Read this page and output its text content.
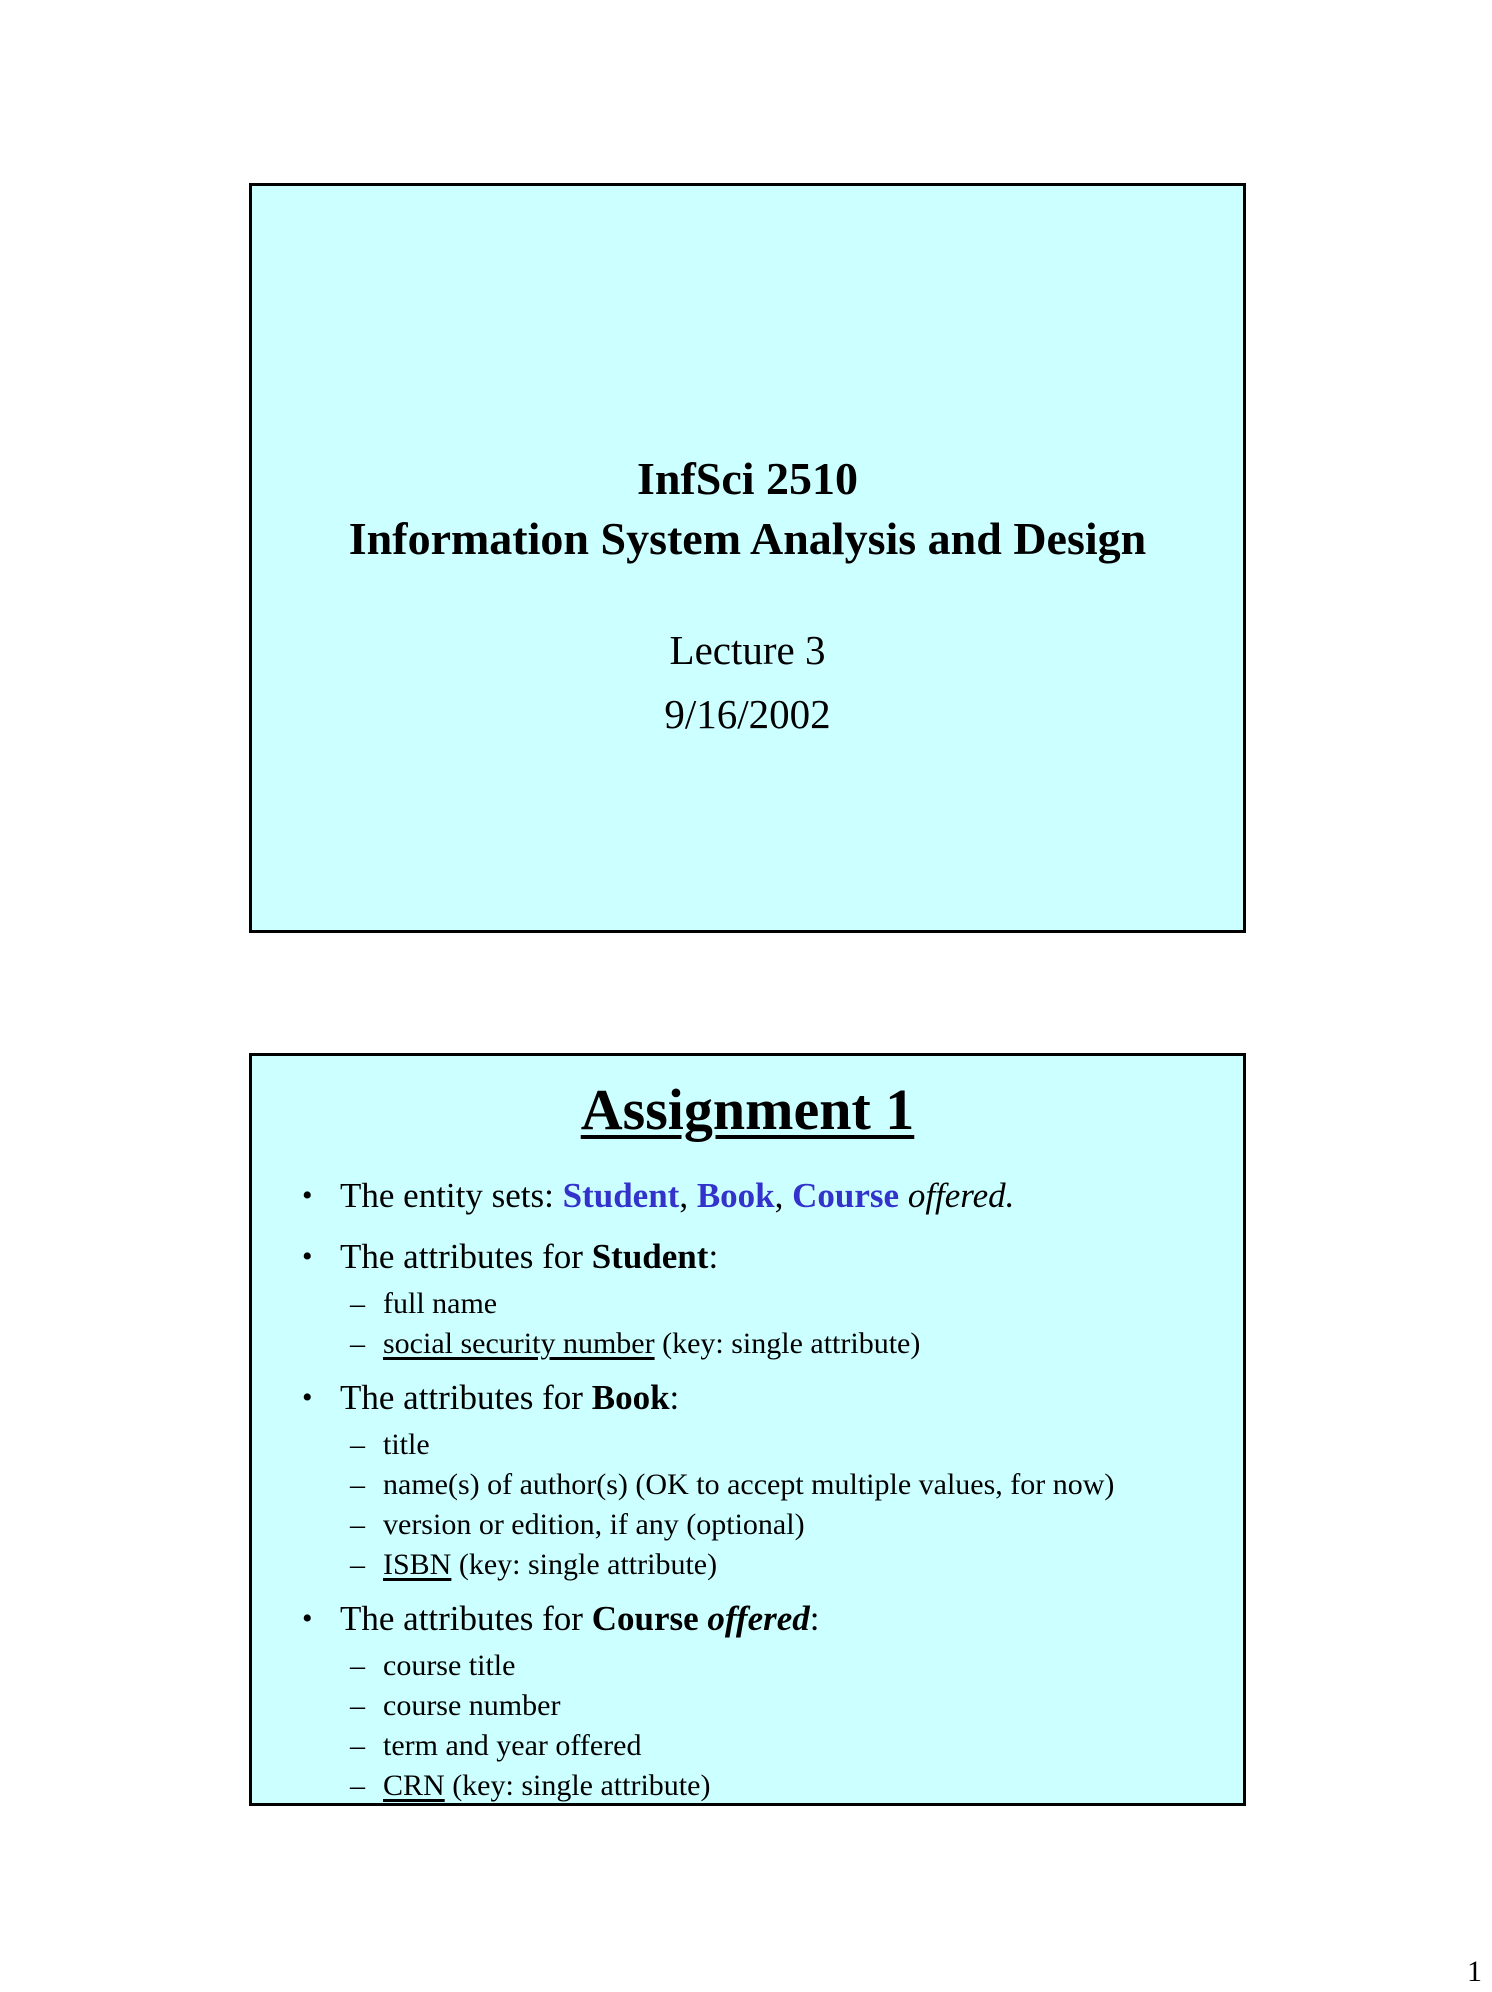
InfSci 2510
Information System Analysis and Design
Lecture 3
9/16/2002
Assignment 1
• The entity sets: Student, Book, Course offered.
• The attributes for Student:
– full name
– social security number (key: single attribute)
• The attributes for Book:
– title
– name(s) of author(s) (OK to accept multiple values, for now)
– version or edition, if any (optional)
– ISBN (key: single attribute)
• The attributes for Course offered:
– course title
– course number
– term and year offered
– CRN (key: single attribute)
1
